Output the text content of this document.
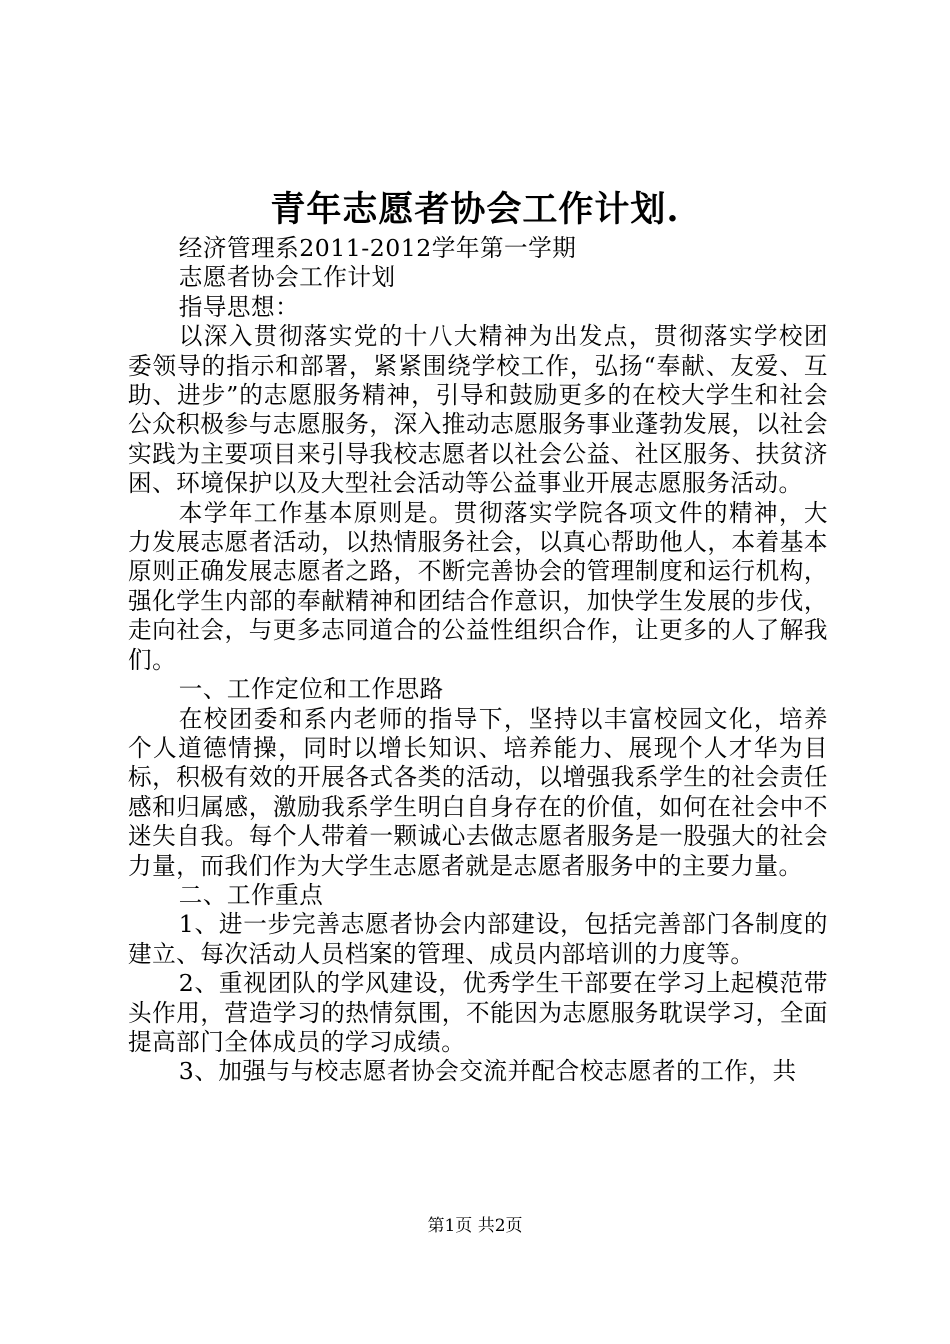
青年志愿者协会工作计划.

经济管理系2011-2012学年第一学期

志愿者协会工作计划

指导思想：

以深入贯彻落实党的十八大精神为出发点，贯彻落实学校团委领导的指示和部署，紧紧围绕学校工作，弘扬“奉献、友爱、互助、进步”的志愿服务精神，引导和鼓励更多的在校大学生和社会公众积极参与志愿服务，深入推动志愿服务事业蓬勃发展，以社会实践为主要项目来引导我校志愿者以社会公益、社区服务、扶贫济困、环境保护以及大型社会活动等公益事业开展志愿服务活动。

本学年工作基本原则是。贯彻落实学院各项文件的精神，大力发展志愿者活动，以热情服务社会，以真心帮助他人，本着基本原则正确发展志愿者之路，不断完善协会的管理制度和运行机构，强化学生内部的奉献精神和团结合作意识，加快学生发展的步伐，走向社会，与更多志同道合的公益性组织合作，让更多的人了解我们。

一、工作定位和工作思路

在校团委和系内老师的指导下，坚持以丰富校园文化，培养个人道德情操，同时以增长知识、培养能力、展现个人才华为目标，积极有效的开展各式各类的活动，以增强我系学生的社会责任感和归属感，激励我系学生明白自身存在的价值，如何在社会中不迷失自我。每个人带着一颗诚心去做志愿者服务是一股强大的社会力量，而我们作为大学生志愿者就是志愿者服务中的主要力量。

二、工作重点

1、进一步完善志愿者协会内部建设，包括完善部门各制度的建立、每次活动人员档案的管理、成员内部培训的力度等。

2、重视团队的学风建设，优秀学生干部要在学习上起模范带头作用，营造学习的热情氛围，不能因为志愿服务耽误学习，全面提高部门全体成员的学习成绩。

3、加强与与校志愿者协会交流并配合校志愿者的工作，共

第1页 共2页
